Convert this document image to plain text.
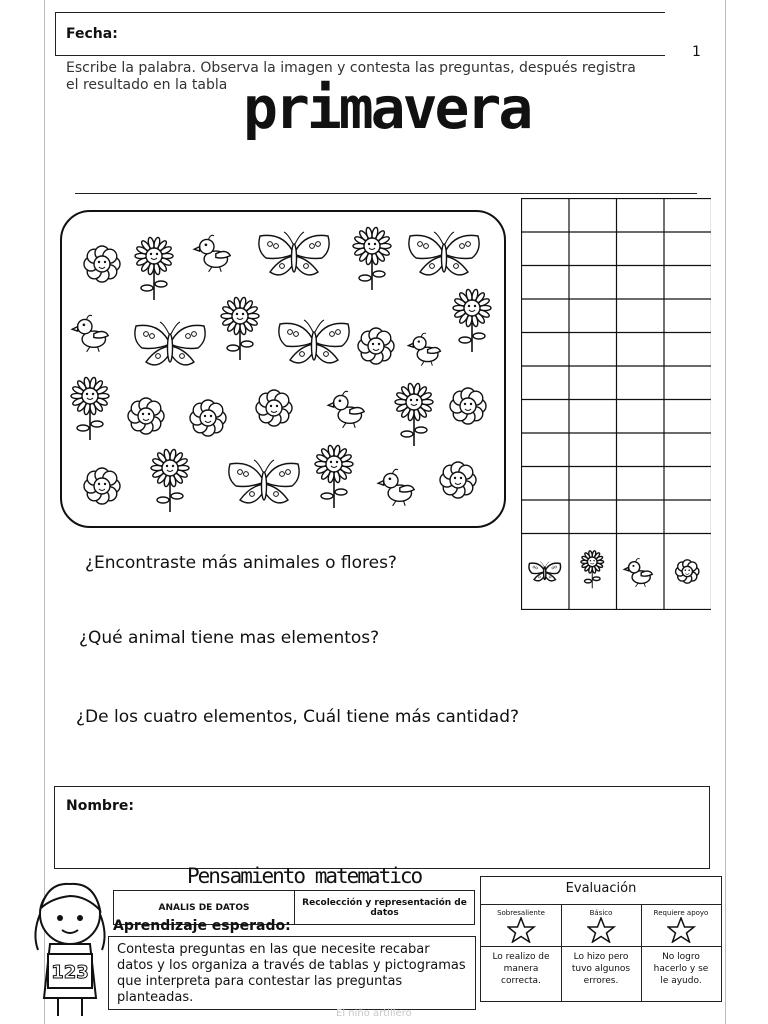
Fecha:
1
Escribe la palabra. Observa la imagen y contesta las preguntas, después registra el resultado en la tabla primavera
¿Encontraste más animales o flores?
¿Qué animal tiene mas elementos?
¿De los cuatro elementos, Cuál tiene más cantidad?
Nombre:
123
Pensamiento matematico
ANALIS DE DATOS	Recolección y representación de datos
Aprendizaje esperado:
Contesta preguntas en las que necesite recabar datos y los organiza a través de tablas y pictogramas que interpreta para contestar las preguntas planteadas.
Evaluación
Sobresaliente	Básico	Requiere apoyo
Lo realizo de manera correcta.
Lo hizo pero tuvo algunos errores.
No logro hacerlo y se le ayudo.
El niño artillero
